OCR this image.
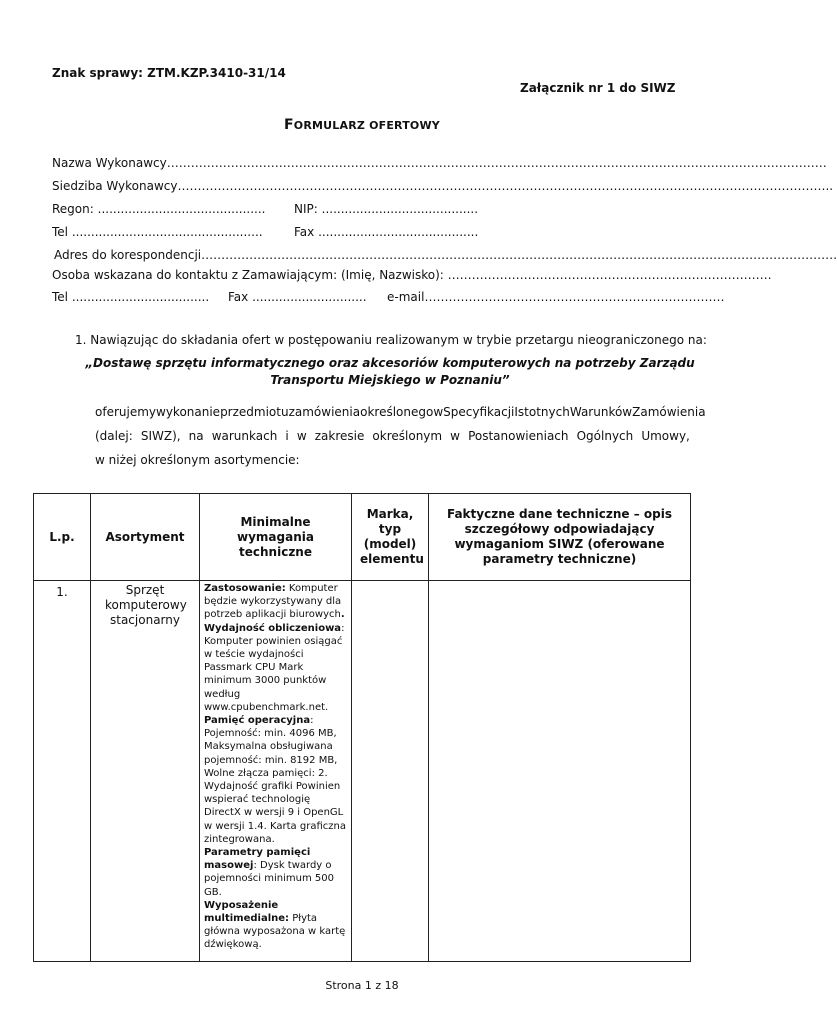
Znak sprawy: ZTM.KZP.3410-31/14
Załącznik nr 1 do SIWZ
FORMULARZ OFERTOWY
Nazwa Wykonawcy…………………………………………………………………………………………………………………………………………………
Siedziba Wykonawcy………………………………………………………………………………………………………………………………………………..
Regon: ............................................ NIP: .........................................
Tel ..................................................	Fax ..........................................
Adres do korespondencji……………………………………………………………………………………………………………………………………………
Osoba wskazana do kontaktu z Zamawiającym: (Imię, Nazwisko): ………………………………………………………………………
Tel .................................... Fax .............................. e-mail…………………………………………………………………
1. Nawiązując do składania ofert w postępowaniu realizowanym w trybie przetargu nieograniczonego na:
„Dostawę sprzętu informatycznego oraz akcesoriów komputerowych na potrzeby Zarządu Transportu Miejskiego w Poznaniu”
oferujemy wykonanie przedmiotu zamówienia określonego w Specyfikacji Istotnych Warunków Zamówienia
(dalej: SIWZ), na warunkach i w zakresie określonym w Postanowieniach Ogólnych Umowy,
w niżej określonym asortymencie:
L.p.	Asortyment	Minimalne wymagania techniczne	Marka, typ (model) elementu	Faktyczne dane techniczne – opis szczegółowy odpowiadający wymaganiom SIWZ (oferowane parametry techniczne)
1.	Sprzęt komputerowy stacjonarny	Zastosowanie: Komputer będzie wykorzystywany dla potrzeb aplikacji biurowych.
Wydajność obliczeniowa: Komputer powinien osiągać w teście wydajności Passmark CPU Mark minimum 3000 punktów według www.cpubenchmark.net.
Pamięć operacyjna: Pojemność: min. 4096 MB, Maksymalna obsługiwana pojemność: min. 8192 MB, Wolne złącza pamięci: 2. Wydajność grafiki Powinien wspierać technologię DirectX w wersji 9 i OpenGL w wersji 1.4. Karta graficzna zintegrowana.
Parametry pamięci masowej: Dysk twardy o pojemności minimum 500 GB.
Wyposażenie multimedialne: Płyta główna wyposażona w kartę dźwiękową.		

Strona 1 z 18
